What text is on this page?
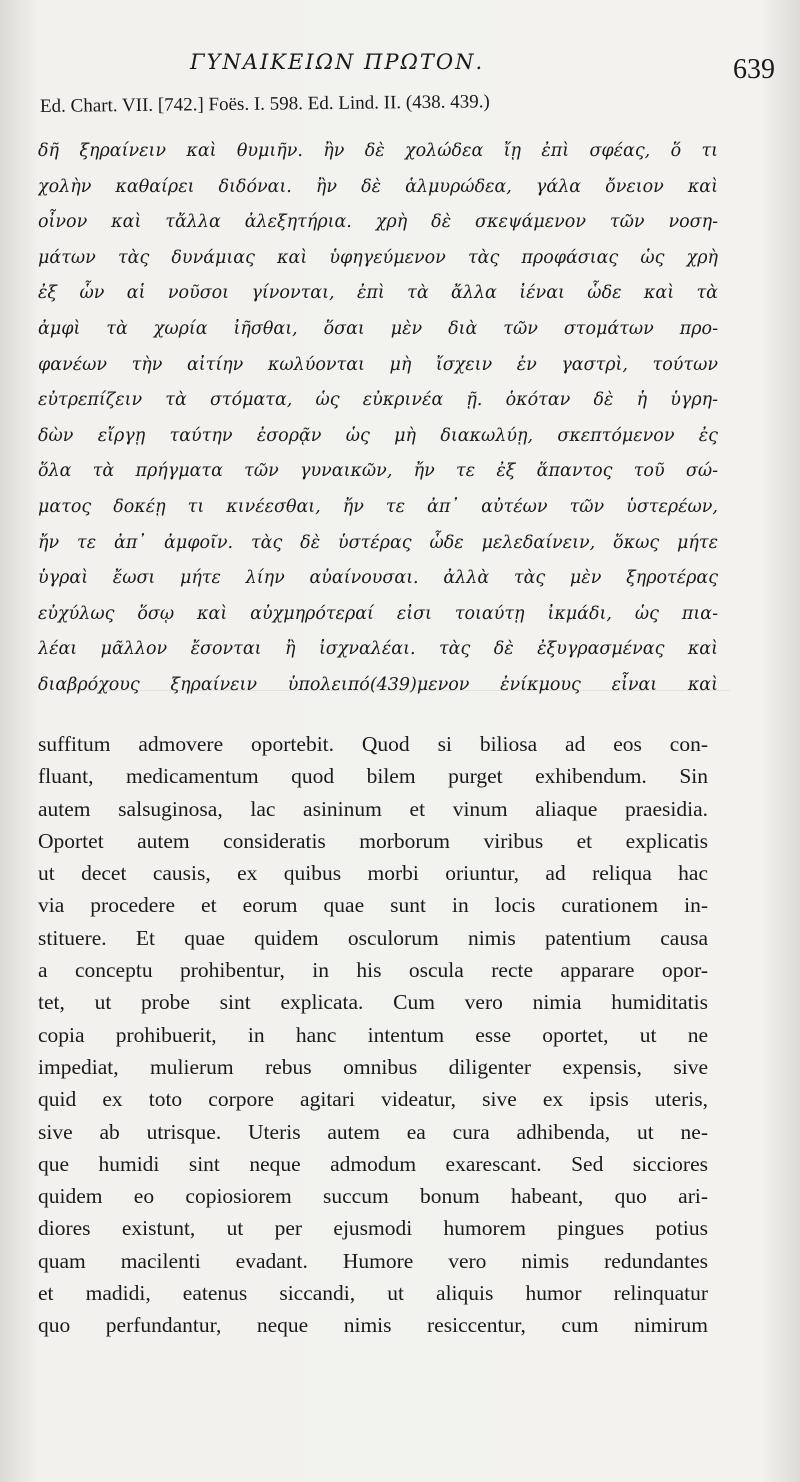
ΓΥΝΑΙΚΕΙΩΝ ΠΡΩΤΟΝ.	639
Ed. Chart. VII. [742.] Foës. I. 598. Ed. Lind. II. (438. 439.)
δῆ ξηραίνειν καὶ θυμιῆν. ἢν δὲ χολώδεα ἴῃ ἐπὶ σφέας, ὅ τι
χολὴν καθαίρει διδόναι. ἢν δὲ ἁλμυρώδεα, γάλα ὄνειον καὶ
οἶνον καὶ τἄλλα ἀλεξητήρια. χρὴ δὲ σκεψάμενον τῶν νοση-
μάτων τὰς δυνάμιας καὶ ὑφηγεύμενον τὰς προφάσιας ὡς χρὴ
ἐξ ὧν αἱ νοῦσοι γίνονται, ἐπὶ τὰ ἄλλα ἰέναι ὧδε καὶ τὰ
ἀμφὶ τὰ χωρία ἰῆσθαι, ὅσαι μὲν διὰ τῶν στομάτων προ-
φανέων τὴν αἰτίην κωλύονται μὴ ἴσχειν ἐν γαστρὶ, τούτων
εὐτρεπίζειν τὰ στόματα, ὡς εὐκρινέα ῇ. ὁκόταν δὲ ἡ ὑγρη-
δὼν εἴργῃ ταύτην ἐσορᾷν ὡς μὴ διακωλύῃ, σκεπτόμενον ἐς
ὅλα τὰ πρήγματα τῶν γυναικῶν, ἤν τε ἐξ ἅπαντος τοῦ σώ-
ματος δοκέῃ τι κινέεσθαι, ἤν τε ἀπ᾽ αὐτέων τῶν ὑστερέων,
ἤν τε ἀπ᾽ ἀμφοῖν. τὰς δὲ ὑστέρας ὧδε μελεδαίνειν, ὅκως μήτε
ὑγραὶ ἔωσι μήτε λίην αὐαίνουσαι. ἀλλὰ τὰς μὲν ξηροτέρας
εὐχύλως ὅσῳ καὶ αὐχμηρότεραί εἰσι τοιαύτῃ ἰκμάδι, ὡς πια-
λέαι μᾶλλον ἔσονται ἢ ἰσχναλέαι. τὰς δὲ ἐξυγρασμένας καὶ
διαβρόχους ξηραίνειν ὑπολειπό(439)μενον ἐνίκμους εἶναι καὶ
suffitum admovere oportebit. Quod si biliosa ad eos con-
fluant, medicamentum quod bilem purget exhibendum. Sin
autem salsuginosa, lac asininum et vinum aliaque praesidia.
Oportet autem consideratis morborum viribus et explicatis
ut decet causis, ex quibus morbi oriuntur, ad reliqua hac
via procedere et eorum quae sunt in locis curationem in-
stituere. Et quae quidem osculorum nimis patentium causa
a conceptu prohibentur, in his oscula recte apparare opor-
tet, ut probe sint explicata. Cum vero nimia humiditatis
copia prohibuerit, in hanc intentum esse oportet, ut ne
impediat, mulierum rebus omnibus diligenter expensis, sive
quid ex toto corpore agitari videatur, sive ex ipsis uteris,
sive ab utrisque. Uteris autem ea cura adhibenda, ut ne-
que humidi sint neque admodum exarescant. Sed sicciores
quidem eo copiosiorem succum bonum habeant, quo ari-
diores existunt, ut per ejusmodi humorem pingues potius
quam macilenti evadant. Humore vero nimis redundantes
et madidi, eatenus siccandi, ut aliquis humor relinquatur
quo perfundantur, neque nimis resiccentur, cum nimirum
